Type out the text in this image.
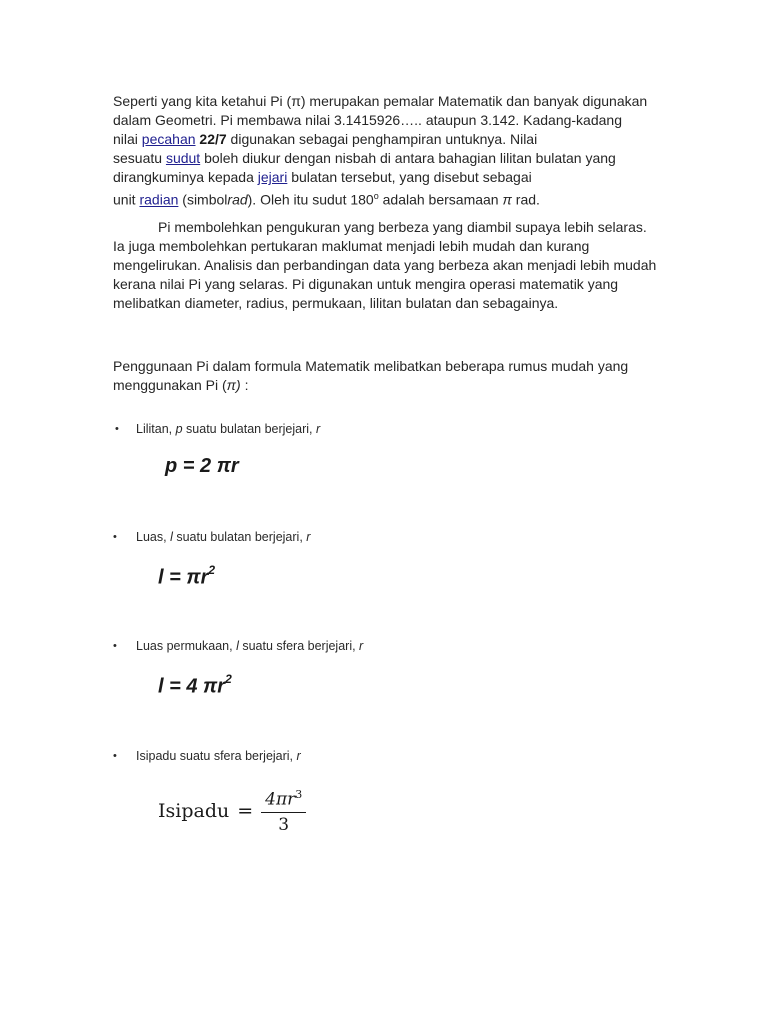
Seperti yang kita ketahui Pi (π) merupakan pemalar Matematik dan banyak digunakan
dalam Geometri. Pi membawa nilai 3.1415926….. ataupun 3.142. Kadang-kadang
nilai pecahan 22/7 digunakan sebagai penghampiran untuknya. Nilai
sesuatu sudut boleh diukur dengan nisbah di antara bahagian lilitan bulatan yang
dirangkuminya kepada jejari bulatan tersebut, yang disebut sebagai
unit radian (simbolrad). Oleh itu sudut 180$^o$ adalah bersamaan π rad.
Pi membolehkan pengukuran yang berbeza yang diambil supaya lebih selaras.
Ia juga membolehkan pertukaran maklumat menjadi lebih mudah dan kurang
mengelirukan. Analisis dan perbandingan data yang berbeza akan menjadi lebih mudah
kerana nilai Pi yang selaras. Pi digunakan untuk mengira operasi matematik yang
melibatkan diameter, radius, permukaan, lilitan bulatan dan sebagainya.
Penggunaan Pi dalam formula Matematik melibatkan beberapa rumus mudah yang
menggunakan Pi (π) :
•	Lilitan, p suatu bulatan berjejari, r
p = 2 πr
•	Luas, l suatu bulatan berjejari, r
$l = \pi r^2$
•	Luas permukaan, l suatu sfera berjejari, r
l = 4 $\pi r^2$
•	Isipadu suatu sfera berjejari, r
Isipadu = $\frac{4\pi r^3}{3}$
